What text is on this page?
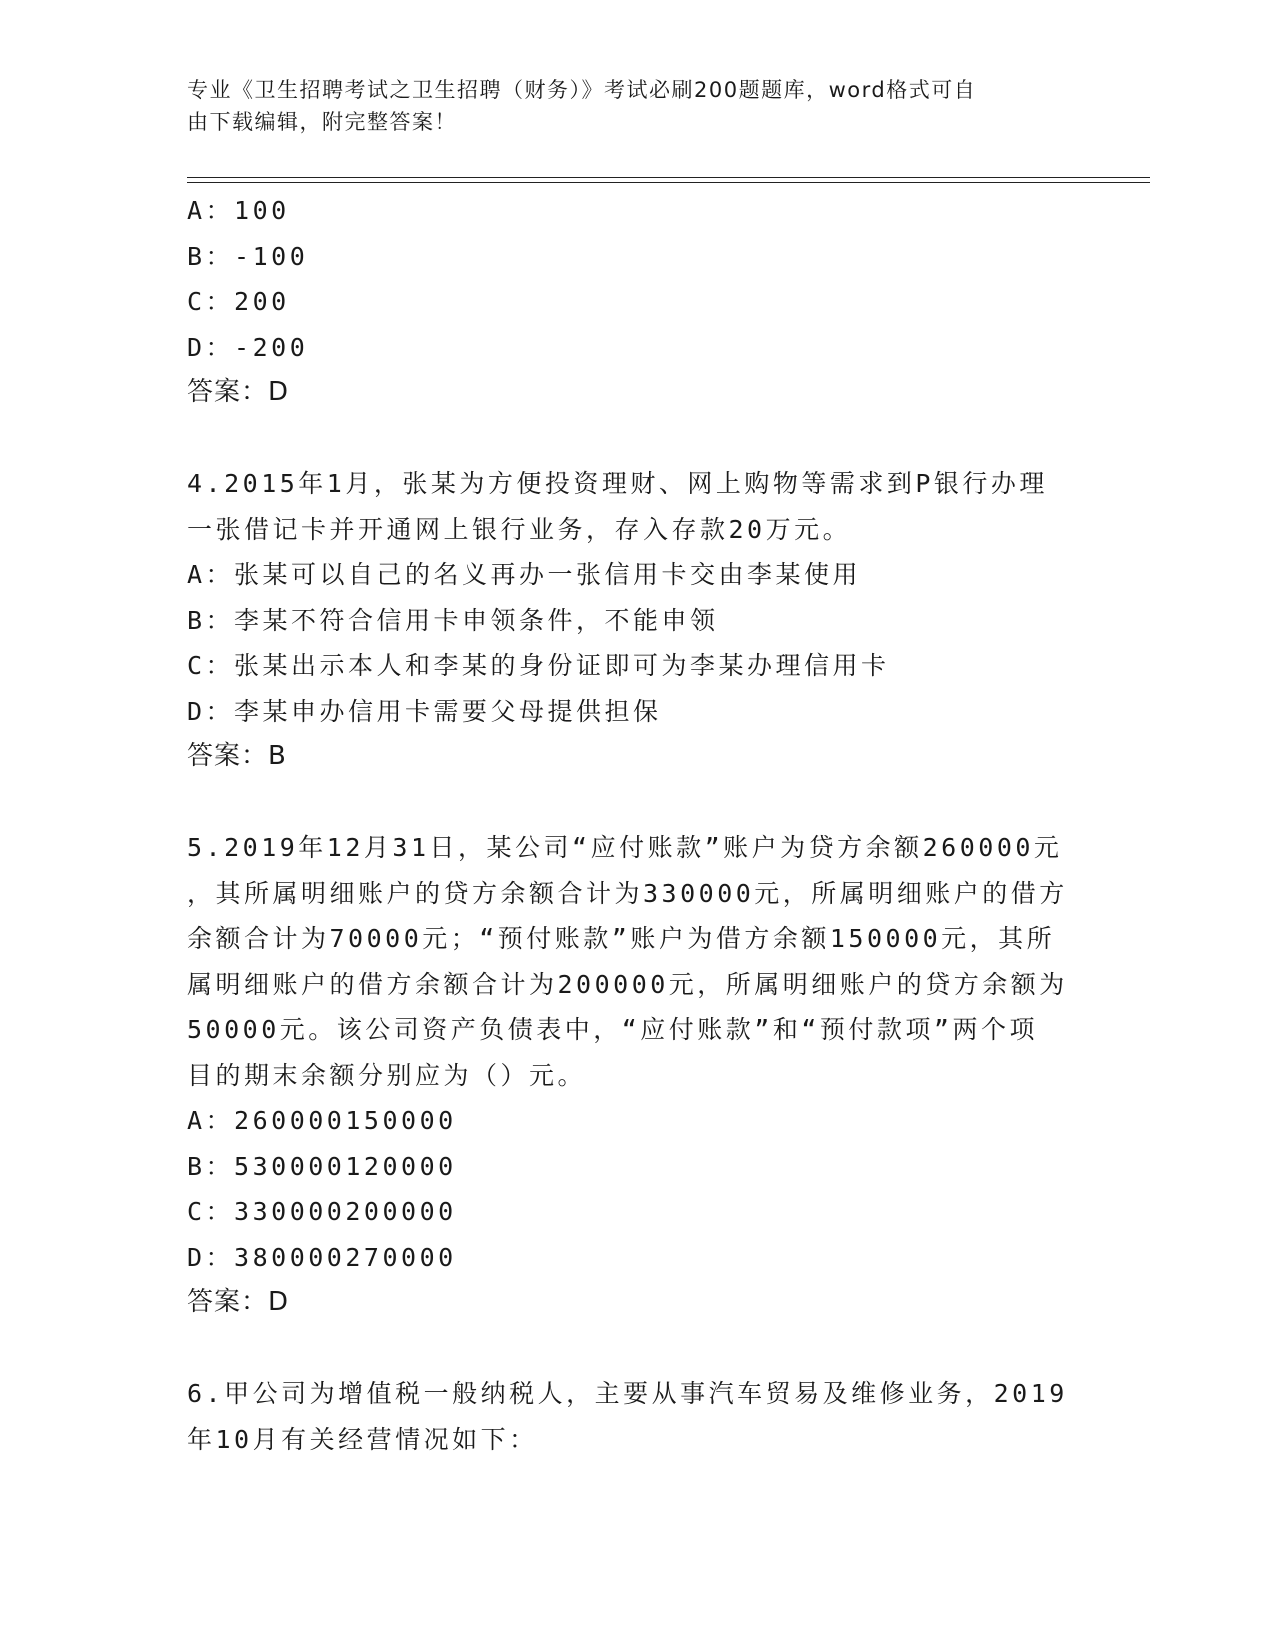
专业《卫生招聘考试之卫生招聘（财务）》考试必刷200题题库，word格式可自
由下载编辑，附完整答案！
A：100
B：-100
C：200
D：-200
答案：D
4.2015年1月，张某为方便投资理财、网上购物等需求到P银行办理
一张借记卡并开通网上银行业务，存入存款20万元。
A：张某可以自己的名义再办一张信用卡交由李某使用
B：李某不符合信用卡申领条件，不能申领
C：张某出示本人和李某的身份证即可为李某办理信用卡
D：李某申办信用卡需要父母提供担保
答案：B
5.2019年12月31日，某公司“应付账款”账户为贷方余额260000元
，其所属明细账户的贷方余额合计为330000元，所属明细账户的借方
余额合计为70000元；“预付账款”账户为借方余额150000元，其所
属明细账户的借方余额合计为200000元，所属明细账户的贷方余额为
50000元。该公司资产负债表中，“应付账款”和“预付款项”两个项
目的期末余额分别应为（）元。
A：260000150000
B：530000120000
C：330000200000
D：380000270000
答案：D
6.甲公司为增值税一般纳税人，主要从事汽车贸易及维修业务，2019
年10月有关经营情况如下：
